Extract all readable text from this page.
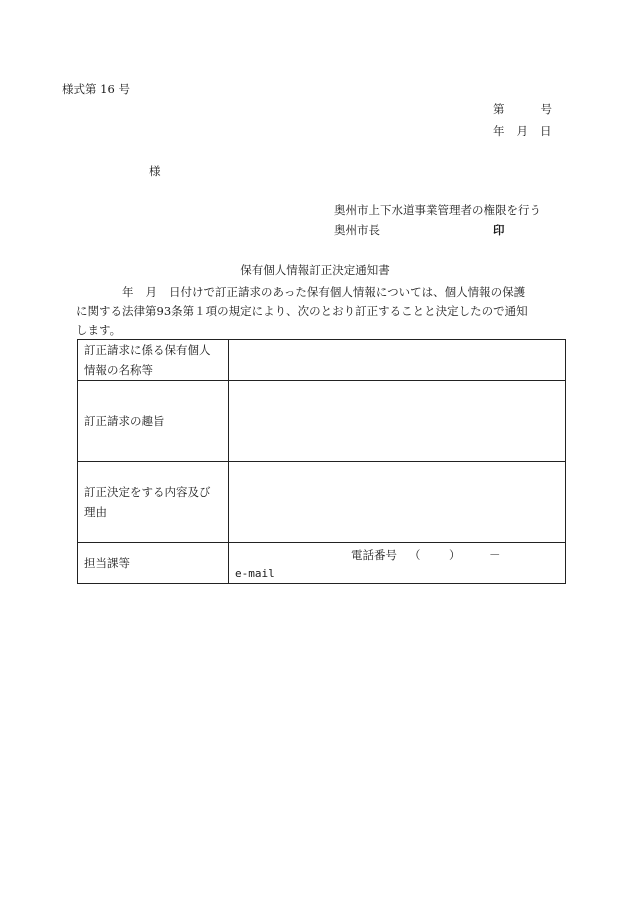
様式第 16 号
第	号
年 月 日
様
奥州市上下水道事業管理者の権限を行う
奥州市長	印
保有個人情報訂正決定通知書
年 月 日付けで訂正請求のあった保有個人情報については、個人情報の保護
に関する法律第93条第１項の規定により、次のとおり訂正することと決定したので通知
します。
訂正請求に係る保有個人
情報の名称等	

訂正請求の趣旨	

訂正決定をする内容及び
理由	

担当課等	電話番号 （ ） －
e-mail
